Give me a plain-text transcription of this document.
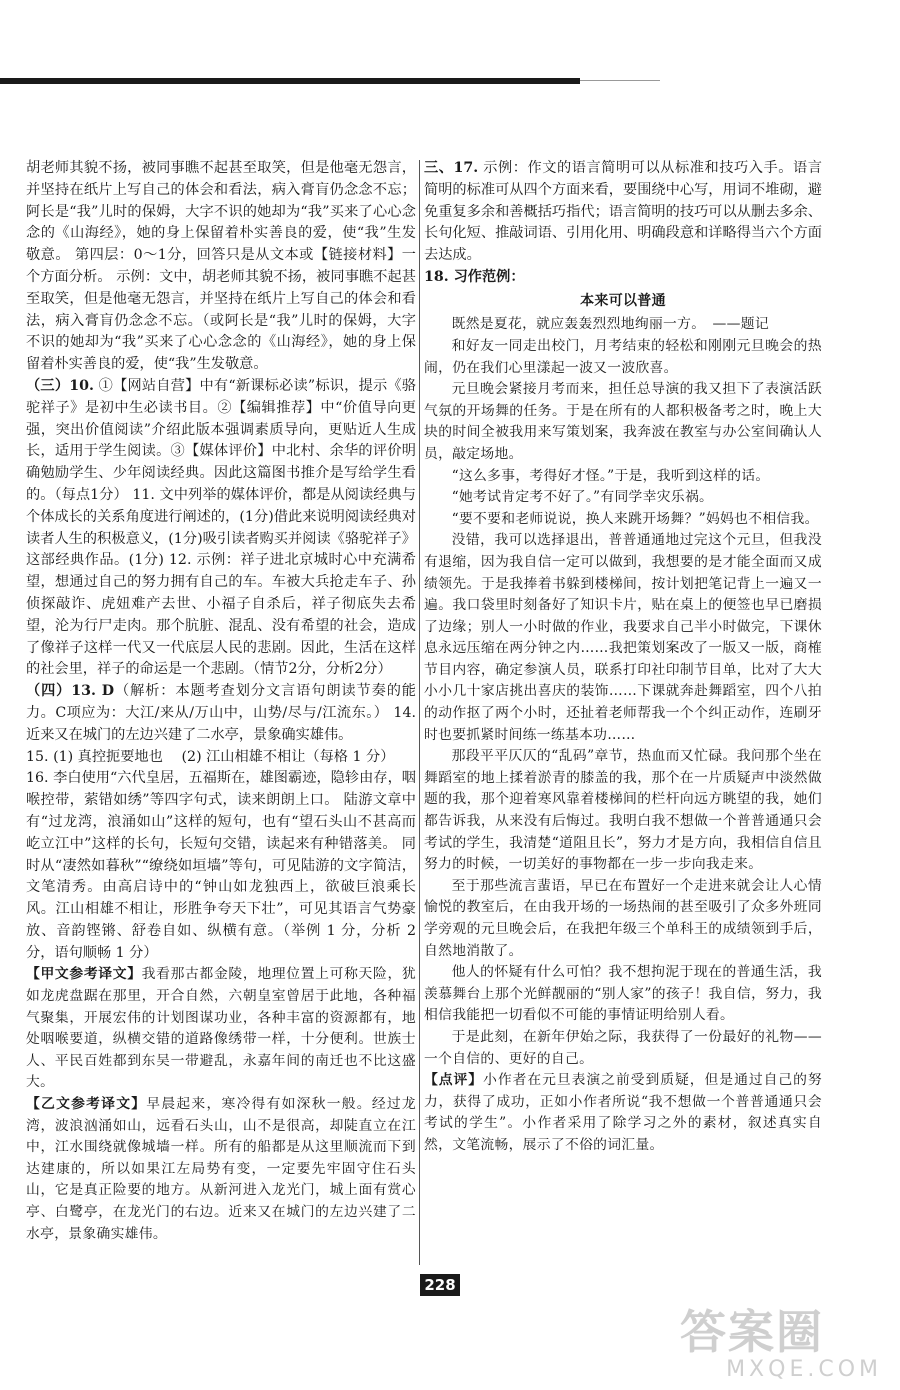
胡老师其貌不扬，被同事瞧不起甚至取笑，但是他毫无怨言，并坚持在纸片上写自己的体会和看法，病入膏肓仍念念不忘；阿长是“我”儿时的保姆，大字不识的她却为“我”买来了心心念念的《山海经》，她的身上保留着朴实善良的爱，使“我”生发敬意。 第四层：0～1分，回答只是从文本或【链接材料】一个方面分析。 示例：文中，胡老师其貌不扬，被同事瞧不起甚至取笑，但是他毫无怨言，并坚持在纸片上写自己的体会和看法，病入膏肓仍念念不忘。（或阿长是“我”儿时的保姆，大字不识的她却为“我”买来了心心念念的《山海经》，她的身上保留着朴实善良的爱，使“我”生发敬意。

（三）10. ①【网站自营】中有“新课标必读”标识，提示《骆驼祥子》是初中生必读书目。②【编辑推荐】中“价值导向更强，突出价值阅读”介绍此版本强调素质导向，更贴近人生成长，适用于学生阅读。③【媒体评价】中北村、余华的评价明确勉励学生、少年阅读经典。因此这篇图书推介是写给学生看的。（每点1分） 11. 文中列举的媒体评价，都是从阅读经典与个体成长的关系角度进行阐述的，(1分)借此来说明阅读经典对读者人生的积极意义，(1分)吸引读者购买并阅读《骆驼祥子》这部经典作品。(1分) 12. 示例：祥子进北京城时心中充满希望，想通过自己的努力拥有自己的车。车被大兵抢走车子、孙侦探敲诈、虎妞难产去世、小福子自杀后，祥子彻底失去希望，沦为行尸走肉。那个肮脏、混乱、没有希望的社会，造成了像祥子这样一代又一代底层人民的悲剧。因此，生活在这样的社会里，祥子的命运是一个悲剧。（情节2分，分析2分）

（四）13. D（解析：本题考查划分文言语句朗读节奏的能力。C项应为：大江/来从/万山中，山势/尽与/江流东。） 14. 近来又在城门的左边兴建了二水亭，景象确实雄伟。

15. (1) 真控扼要地也 　(2) 江山相雄不相让（每格 1 分）

16. 李白使用“六代皇居，五福斯在，雄图霸迹，隐轸由存，咽喉控带，萦错如绣”等四字句式，读来朗朗上口。 陆游文章中有“过龙湾，浪涌如山”这样的短句，也有“望石头山不甚高而屹立江中”这样的长句，长短句交错，读起来有种错落美。 同时从“凄然如暮秋”“缭绕如垣墙”等句，可见陆游的文字简洁，文笔清秀。由高启诗中的“钟山如龙独西上，欲破巨浪乘长风。江山相雄不相让，形胜争夸天下壮”，可见其语言气势豪放、音韵铿锵、舒卷自如、纵横有意。（举例 1 分，分析 2 分，语句顺畅 1 分）

【甲文参考译文】我看那古都金陵，地理位置上可称天险，犹如龙虎盘踞在那里，开合自然，六朝皇室曾居于此地，各种福气聚集，开展宏伟的计划图谋功业，各种丰富的资源都有，地处咽喉要道，纵横交错的道路像绣带一样，十分便利。世族士人、平民百姓都到东吴一带避乱，永嘉年间的南迁也不比这盛大。

【乙文参考译文】早晨起来，寒冷得有如深秋一般。经过龙湾，波浪汹涌如山，远看石头山，山不是很高，却陡直立在江中，江水围绕就像城墙一样。所有的船都是从这里顺流而下到达建康的，所以如果江左局势有变，一定要先牢固守住石头山，它是真正险要的地方。从新河进入龙光门，城上面有赏心亭、白鹭亭，在龙光门的右边。近来又在城门的左边兴建了二水亭，景象确实雄伟。

三、17. 示例：作文的语言简明可以从标准和技巧入手。语言简明的标准可从四个方面来看，要围绕中心写，用词不堆砌，避免重复多余和善概括巧指代；语言简明的技巧可以从删去多余、长句化短、推敲词语、引用化用、明确段意和详略得当六个方面去达成。

18. 习作范例：

本来可以普通

既然是夏花，就应轰轰烈烈地绚丽一方。　——题记

和好友一同走出校门，月考结束的轻松和刚刚元旦晚会的热闹，仍在我们心里漾起一波又一波欣喜。

元旦晚会紧接月考而来，担任总导演的我又担下了表演活跃气氛的开场舞的任务。于是在所有的人都积极备考之时，晚上大块的时间全被我用来写策划案，我奔波在教室与办公室间确认人员，敲定场地。

“这么多事，考得好才怪。”于是，我听到这样的话。

“她考试肯定考不好了。”有同学幸灾乐祸。

“要不要和老师说说，换人来跳开场舞？”妈妈也不相信我。

没错，我可以选择退出，普普通通地过完这个元旦，但我没有退缩，因为我自信一定可以做到，我想要的是才能全面而又成绩领先。于是我捧着书躲到楼梯间，按计划把笔记背上一遍又一遍。我口袋里时刻备好了知识卡片，贴在桌上的便签也早已磨损了边缘；别人一小时做的作业，我要求自己半小时做完，下课休息永远压缩在两分钟之内……我把策划案改了一版又一版，商榷节目内容，确定参演人员，联系打印社印制节目单，比对了大大小小几十家店挑出喜庆的装饰……下课就奔赴舞蹈室，四个八拍的动作抠了两个小时，还扯着老师帮我一个个纠正动作，连刷牙时也要抓紧时间练一练基本功……

那段平平仄仄的“乱码”章节，热血而又忙碌。我问那个坐在舞蹈室的地上揉着淤青的膝盖的我，那个在一片质疑声中淡然做题的我，那个迎着寒风靠着楼梯间的栏杆向远方眺望的我，她们都告诉我，从来没有后悔过。我明白我不想做一个普普通通只会考试的学生，我清楚“道阻且长”，努力才是方向，我相信自信且努力的时候，一切美好的事物都在一步一步向我走来。

至于那些流言蜚语，早已在布置好一个走进来就会让人心情愉悦的教室后，在由我开场的一场热闹的甚至吸引了众多外班同学旁观的元旦晚会后，在我把年级三个单科王的成绩领到手后，自然地消散了。

他人的怀疑有什么可怕？我不想拘泥于现在的普通生活，我羡慕舞台上那个光鲜靓丽的“别人家”的孩子！我自信，努力，我相信我能把一切看似不可能的事情证明给别人看。

于是此刻，在新年伊始之际，我获得了一份最好的礼物——一个自信的、更好的自己。

【点评】小作者在元旦表演之前受到质疑，但是通过自己的努力，获得了成功，正如小作者所说“我不想做一个普普通通只会考试的学生”。小作者采用了除学习之外的素材，叙述真实自然，文笔流畅，展示了不俗的词汇量。

228
答案圈
MXQE.COM
